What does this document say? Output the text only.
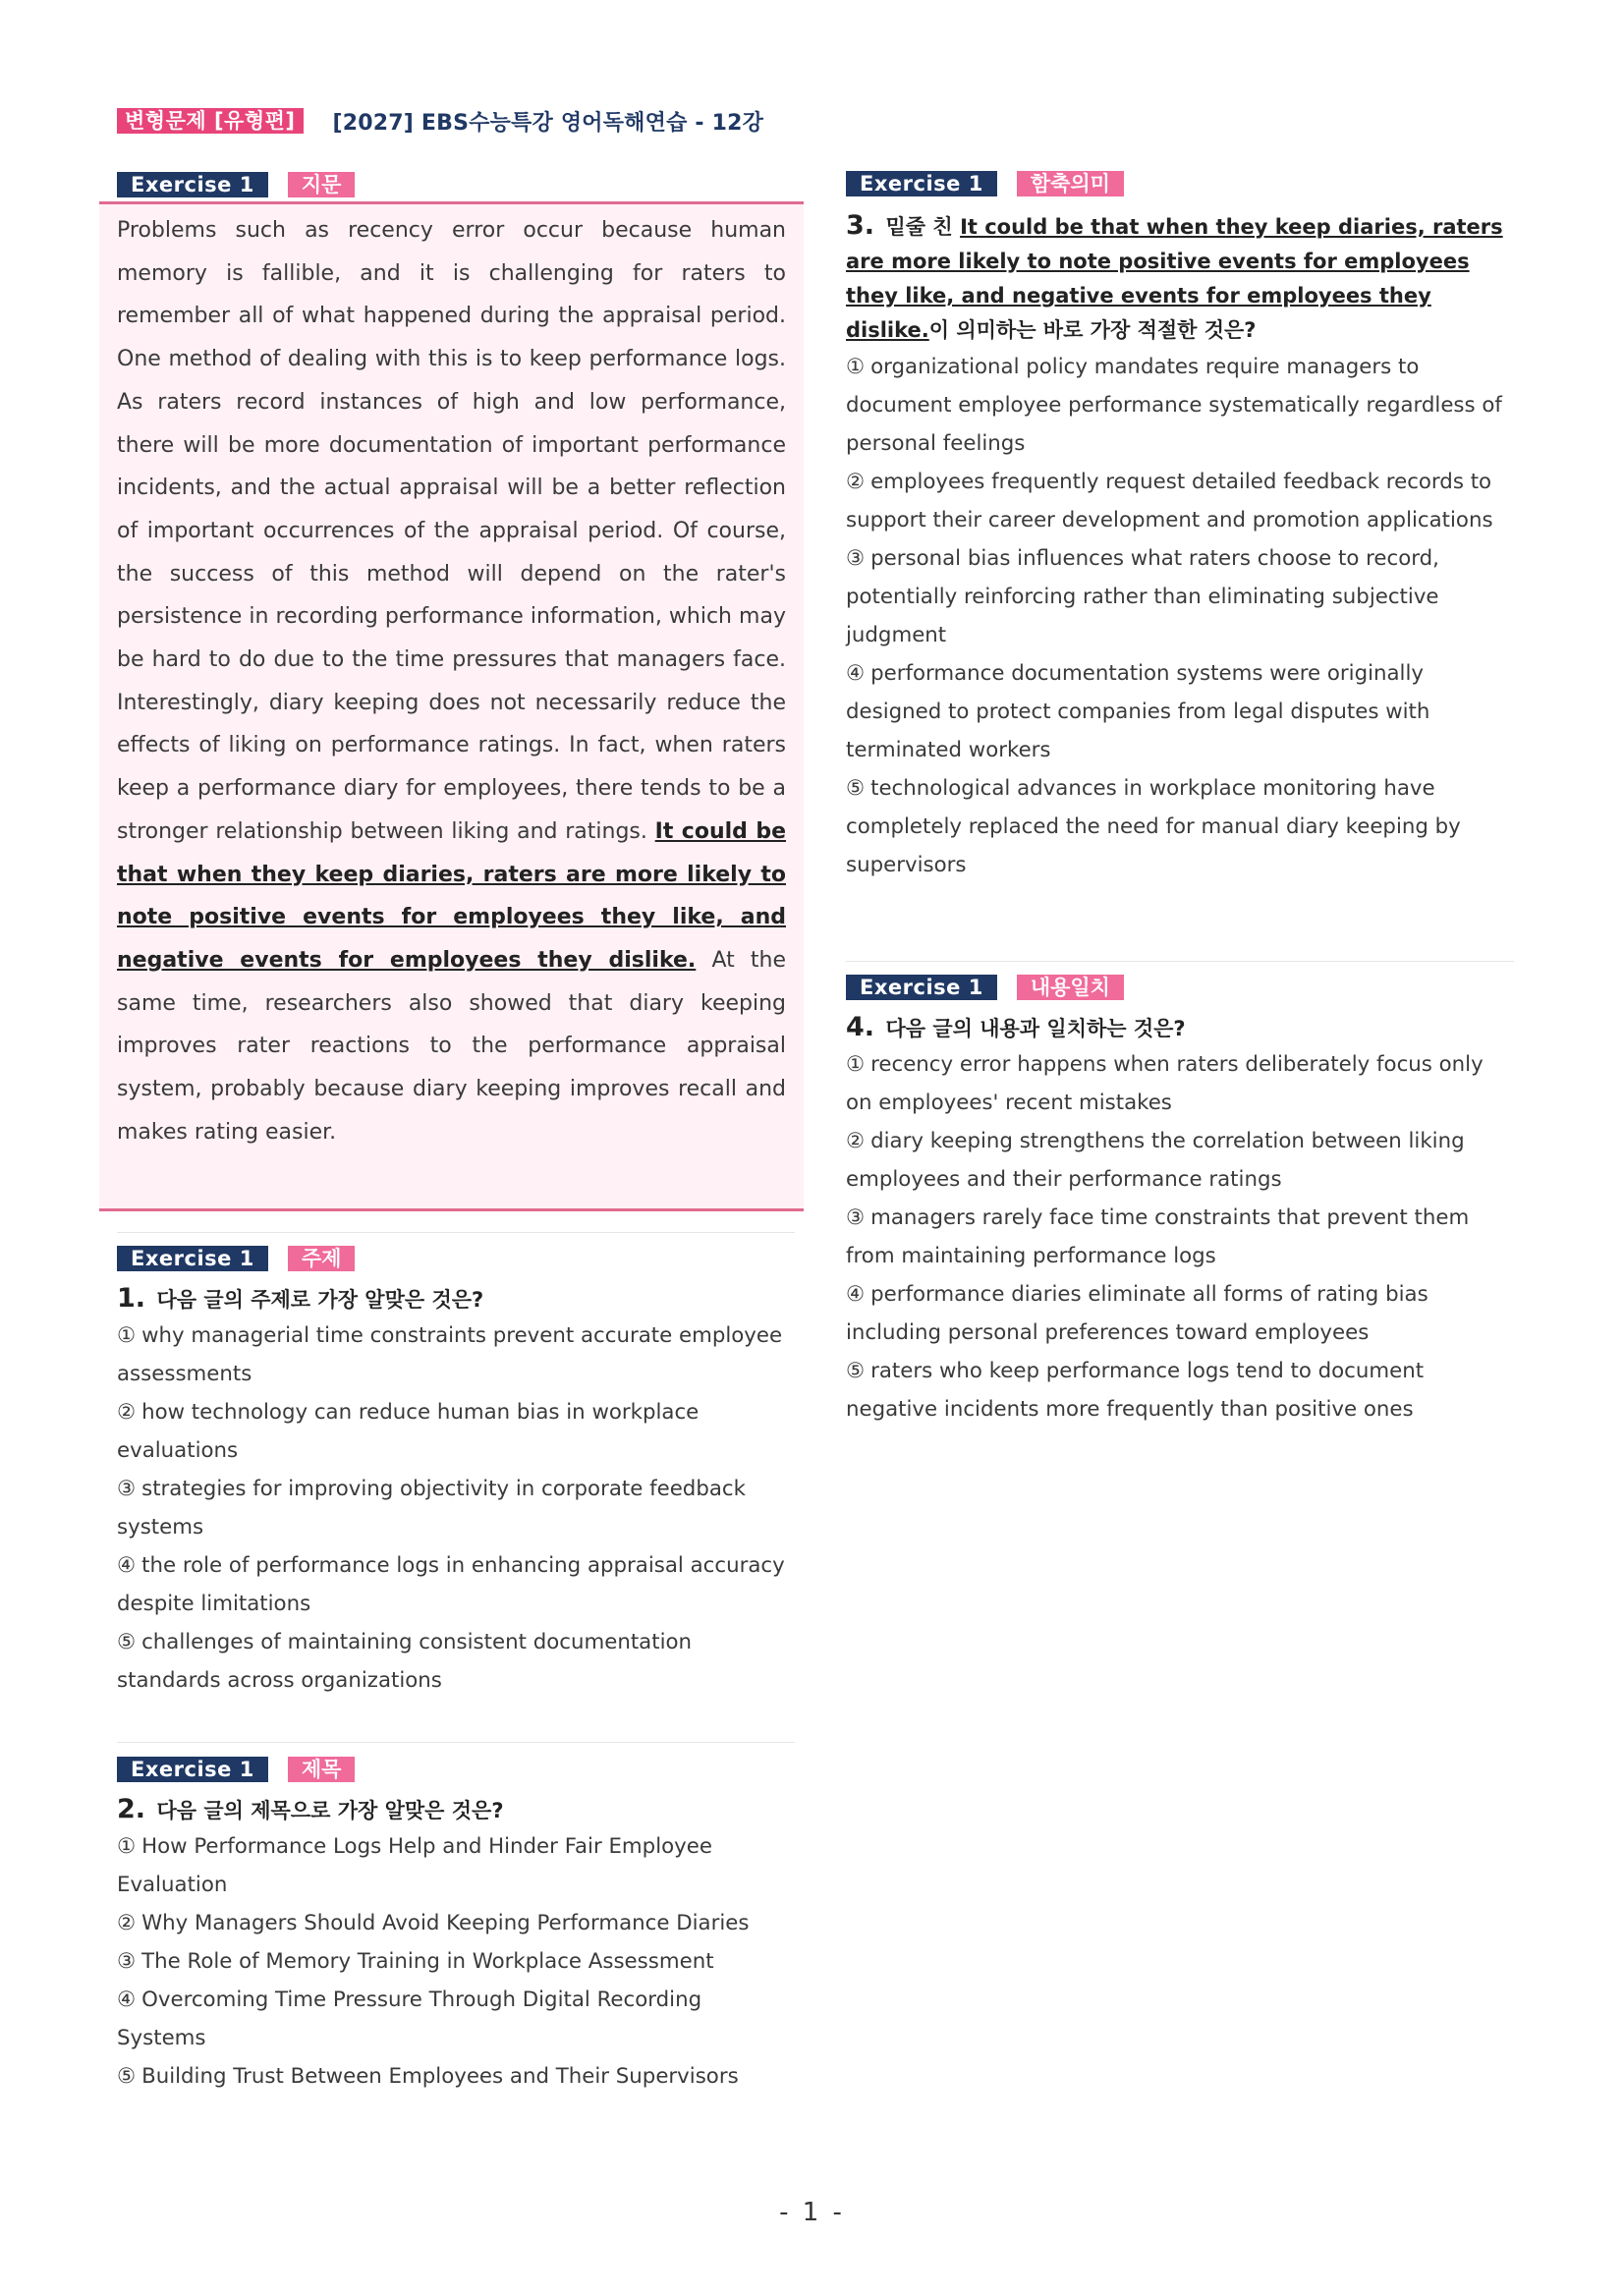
변형문제 [유형편]	[2027] EBS수능특강 영어독해연습 - 12강
Exercise 1	지문
Problems such as recency error occur because human memory is fallible, and it is challenging for raters to remember all of what happened during the appraisal period. One method of dealing with this is to keep performance logs. As raters record instances of high and low performance, there will be more documentation of important performance incidents, and the actual appraisal will be a better reflection of important occurrences of the appraisal period. Of course, the success of this method will depend on the rater's persistence in recording performance information, which may be hard to do due to the time pressures that managers face. Interestingly, diary keeping does not necessarily reduce the effects of liking on performance ratings. In fact, when raters keep a performance diary for employees, there tends to be a stronger relationship between liking and ratings. It could be that when they keep diaries, raters are more likely to note positive events for employees they like, and negative events for employees they dislike. At the same time, researchers also showed that diary keeping improves rater reactions to the performance appraisal system, probably because diary keeping improves recall and makes rating easier.
Exercise 1	주제
1. 다음 글의 주제로 가장 알맞은 것은?
① why managerial time constraints prevent accurate employee assessments
② how technology can reduce human bias in workplace evaluations
③ strategies for improving objectivity in corporate feedback systems
④ the role of performance logs in enhancing appraisal accuracy despite limitations
⑤ challenges of maintaining consistent documentation standards across organizations
Exercise 1	제목
2. 다음 글의 제목으로 가장 알맞은 것은?
① How Performance Logs Help and Hinder Fair Employee Evaluation
② Why Managers Should Avoid Keeping Performance Diaries
③ The Role of Memory Training in Workplace Assessment
④ Overcoming Time Pressure Through Digital Recording Systems
⑤ Building Trust Between Employees and Their Supervisors
Exercise 1	함축의미
3. 밑줄 친 It could be that when they keep diaries, raters are more likely to note positive events for employees they like, and negative events for employees they dislike.이 의미하는 바로 가장 적절한 것은?
① organizational policy mandates require managers to document employee performance systematically regardless of personal feelings
② employees frequently request detailed feedback records to support their career development and promotion applications
③ personal bias influences what raters choose to record, potentially reinforcing rather than eliminating subjective judgment
④ performance documentation systems were originally designed to protect companies from legal disputes with terminated workers
⑤ technological advances in workplace monitoring have completely replaced the need for manual diary keeping by supervisors
Exercise 1	내용일치
4. 다음 글의 내용과 일치하는 것은?
① recency error happens when raters deliberately focus only on employees' recent mistakes
② diary keeping strengthens the correlation between liking employees and their performance ratings
③ managers rarely face time constraints that prevent them from maintaining performance logs
④ performance diaries eliminate all forms of rating bias including personal preferences toward employees
⑤ raters who keep performance logs tend to document negative incidents more frequently than positive ones
- 1 -
